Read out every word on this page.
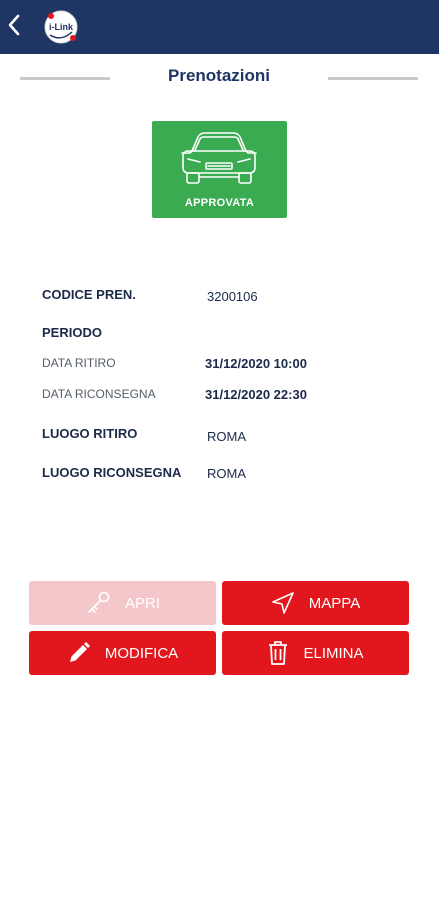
i-Link
Prenotazioni
APPROVATA
CODICE PREN.	3200106
PERIODO
DATA RITIRO	31/12/2020 10:00
DATA RICONSEGNA	31/12/2020 22:30
LUOGO RITIRO	ROMA
LUOGO RICONSEGNA ROMA
APRI	MAPPA
MODIFICA	ELIMINA
